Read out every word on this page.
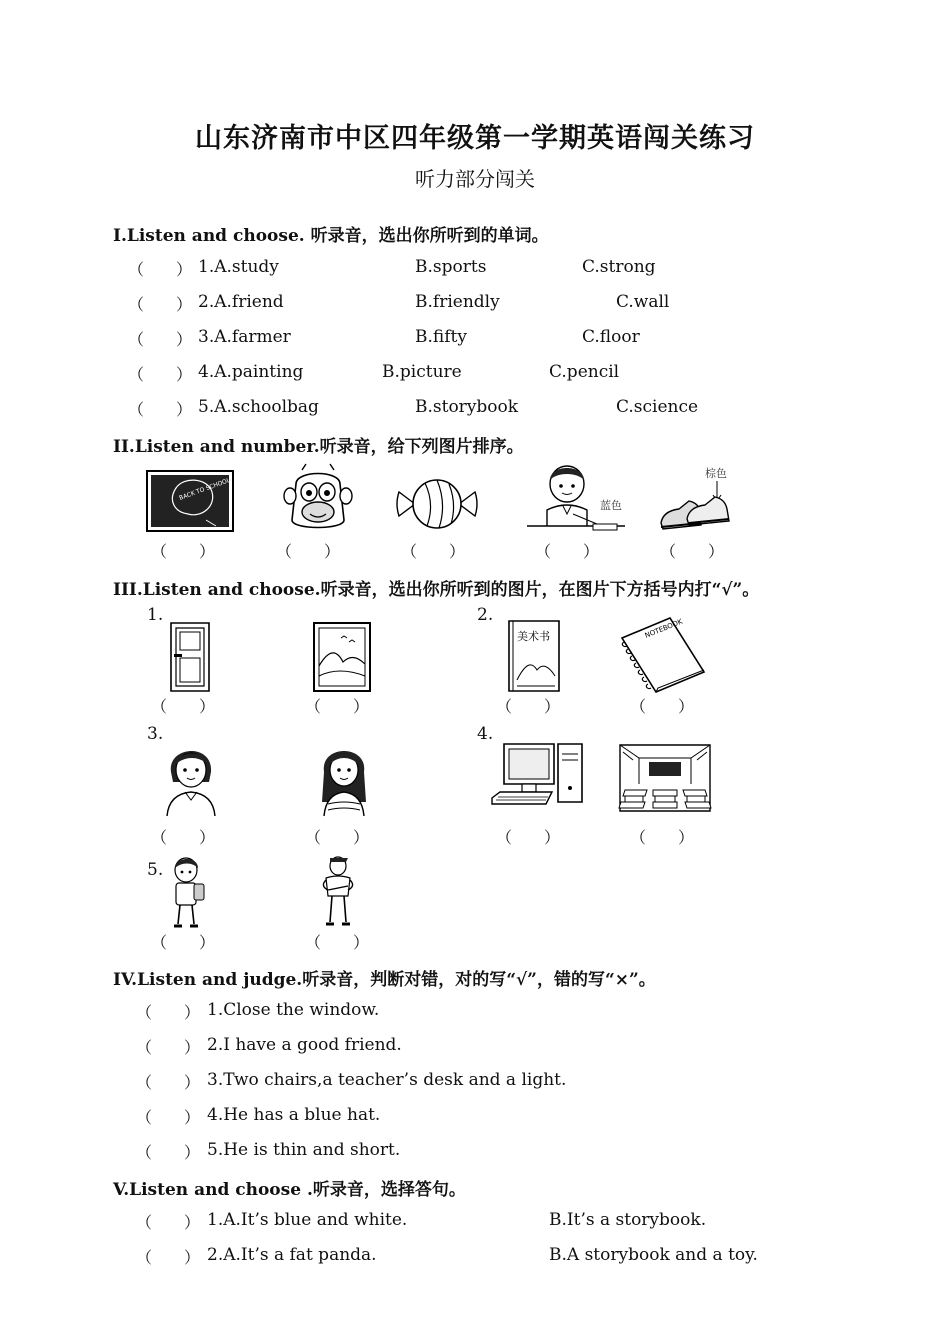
山东济南市中区四年级第一学期英语闯关练习
听力部分闯关
I.Listen and choose. 听录音，选出你所听到的单词。
（　　） 1.A.study	B.sports	C.strong
（　　） 2.A.friend	B.friendly	C.wall
（　　） 3.A.farmer	B.fifty	C.floor
（　　） 4.A.painting	B.picture	C.pencil
（　　） 5.A.schoolbag	B.storybook	C.science
II.Listen and number.听录音，给下列图片排序。
BACK TO SCHOOL
蓝色
棕色
（　　）	（　　）	（　　）	（　　）	（　　）
III.Listen and choose.听录音，选出你所听到的图片，在图片下方括号内打“√”。
1.	2.
美术书	NOTEBOOK
（　　）	（　　）	（　　）	（　　）
3.	4.
（　　）	（　　）	（　　）	（　　）
5.
（　　）	（　　）
IV.Listen and judge.听录音，判断对错，对的写“√”，错的写“×”。
（　　） 1.Close the window.
（　　） 2.I have a good friend.
（　　） 3.Two chairs,a teacher’s desk and a light.
（　　） 4.He has a blue hat.
（　　） 5.He is thin and short.
V.Listen and choose .听录音，选择答句。
（　　） 1.A.It’s blue and white.	B.It’s a storybook.
（　　） 2.A.It’s a fat panda.	B.A storybook and a toy.
